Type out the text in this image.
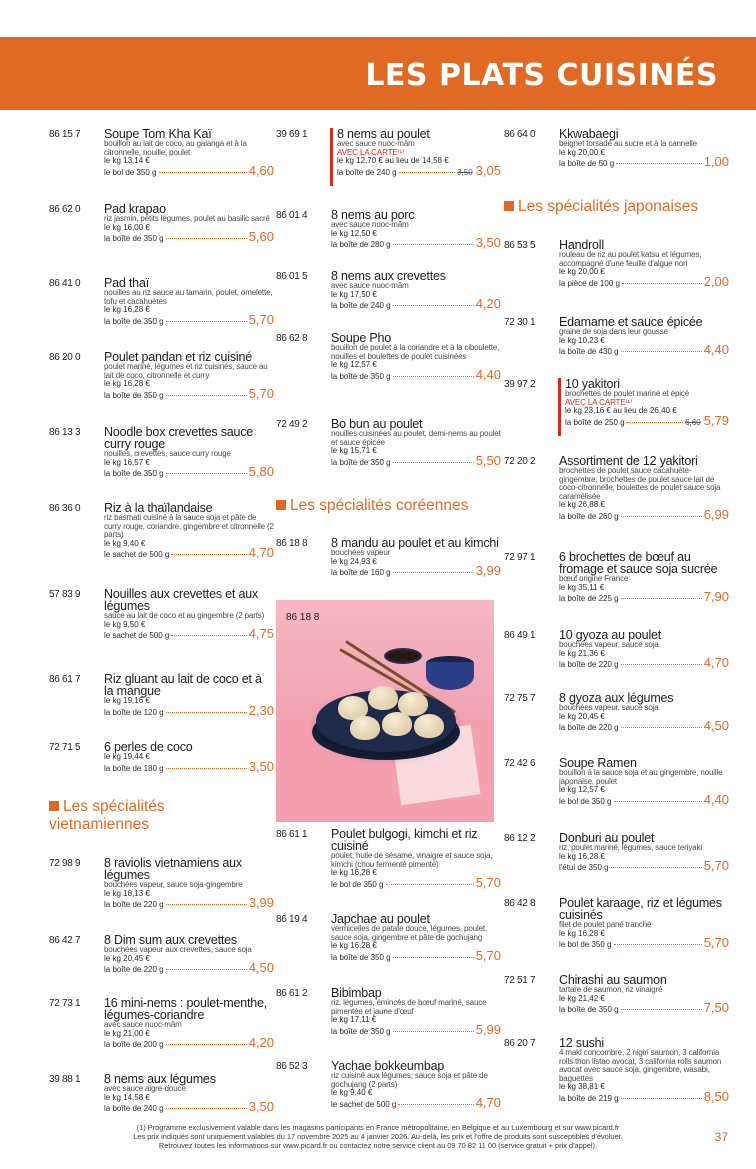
LES PLATS CUISINÉS
Les spécialités vietnamiennes
Les spécialités coréennes
86 18 8
Les spécialités japonaises
86 15 7 Soupe Tom Kha Kaï
bouillon au lait de coco, au galanga et à la citronnelle, nouille, poulet
le kg 13,14 €
le bol de 350 g	4,60
86 62 0 Pad krapao
riz jasmin, petits légumes, poulet au basilic sacré
le kg 16,00 €
la boîte de 350 g	5,60
86 41 0 Pad thaï
nouilles au riz sauce au tamarin, poulet, omelette, tofu et cacahuètes
le kg 16,28 €
la boîte de 350 g	5,70
86 20 0 Poulet pandan et riz cuisiné
poulet mariné, légumes et riz cuisinés, sauce au lait de coco, citronnelle et curry
le kg 16,28 €
la boîte de 350 g	5,70
86 13 3 Noodle box crevettes sauce curry rouge
nouilles, crevettes, sauce curry rouge
le kg 16,57 €
la boîte de 350 g	5,80
86 36 0 Riz à la thaïlandaise
riz basmati cuisiné à la sauce soja et pâte de curry rouge, coriandre, gingembre et citronnelle (2 parts)
le kg 9,40 €
le sachet de 500 g	4,70
57 83 9 Nouilles aux crevettes et aux légumes
sauce au lait de coco et au gingembre (2 parts)
le kg 9,50 €
le sachet de 500 g	4,75
86 61 7 Riz gluant au lait de coco et à la mangue
le kg 19,16 €
la boîte de 120 g	2,30
72 71 5 6 perles de coco
le kg 19,44 €
la boîte de 180 g	3,50
72 98 9 8 raviolis vietnamiens aux légumes
bouchées vapeur, sauce soja-gingembre
le kg 18,13 €
la boîte de 220 g	3,99
86 42 7 8 Dim sum aux crevettes
bouchées vapeur aux crevettes, sauce soja
le kg 20,45 €
la boîte de 220 g	4,50
72 73 1 16 mini-nems : poulet-menthe, légumes-coriandre
avec sauce nuoc-mâm
le kg 21,00 €
la boîte de 200 g	4,20
39 88 1 8 nems aux légumes
avec sauce aigre-douce
le kg 14,58 €
la boîte de 240 g	3,50
39 69 1 8 nems au poulet
avec sauce nuoc-mâm
AVEC LA CARTE⁽¹⁾
le kg 12,70 € au lieu de 14,58 €
la boîte de 240 g	3,50 3,05
86 01 4 8 nems au porc
avec sauce nuoc-mâm
le kg 12,50 €
la boîte de 280 g	3,50
86 01 5 8 nems aux crevettes
avec sauce nuoc-mâm
le kg 17,50 €
la boîte de 240 g	4,20
86 62 8 Soupe Pho
bouillon de poulet à la coriandre et à la ciboulette, nouilles et boulettes de poulet cuisinées
le kg 12,57 €
la boîte de 350 g	4,40
72 49 2 Bo bun au poulet
nouilles cuisinées au poulet, demi-nems au poulet et sauce épicée
le kg 15,71 €
la boîte de 350 g	5,50
86 18 8 8 mandu au poulet et au kimchi
bouchées vapeur
le kg 24,93 €
la boîte de 160 g	3,99
86 61 1 Poulet bulgogi, kimchi et riz cuisiné
poulet, huile de sésame, vinaigre et sauce soja, kimchi (chou fermenté pimenté)
le kg 16,28 €
le bol de 350 g	5,70
86 19 4 Japchae au poulet
vermicelles de patate douce, légumes, poulet, sauce soja, gingembre et pâte de gochujang
le kg 16,28 €
la boîte de 350 g	5,70
86 61 2 Bibimbap
riz, légumes, émincés de bœuf mariné, sauce pimentée et jaune d'œuf
le kg 17,11 €
la boîte de 350 g	5,99
86 52 3 Yachae bokkeumbap
riz cuisiné aux légumes, sauce soja et pâte de gochujang (2 parts)
le kg 9,40 €
le sachet de 500 g	4,70
86 64 0 Kkwabaegi
beignet torsadé au sucre et à la cannelle
le kg 20,00 €
la boîte de 50 g	1,00
86 53 5 Handroll
rouleau de riz au poulet katsu et légumes, accompagné d'une feuille d'algue nori
le kg 20,00 €
la pièce de 100 g	2,00
72 30 1 Edamame et sauce épicée
graine de soja dans leur gousse
le kg 10,23 €
la boîte de 430 g	4,40
39 97 2 10 yakitori
brochettes de poulet mariné et épicé
AVEC LA CARTE⁽¹⁾
le kg 23,16 € au lieu de 26,40 €
la boîte de 250 g	6,60 5,79
72 20 2 Assortiment de 12 yakitori
brochettes de poulet sauce cacahuète-gingembre, brochettes de poulet sauce lait de coco-citronnelle, boulettes de poulet sauce soja caramélisée
le kg 26,88 €
la boîte de 260 g	6,99
72 97 1 6 brochettes de bœuf au fromage et sauce soja sucrée
bœuf origine France
le kg 35,11 €
la boîte de 225 g	7,90
86 49 1 10 gyoza au poulet
bouchées vapeur, sauce soja
le kg 21,36 €
la boîte de 220 g	4,70
72 75 7 8 gyoza aux légumes
bouchées vapeur, sauce soja
le kg 20,45 €
la boîte de 220 g	4,50
72 42 6 Soupe Ramen
bouillon à la sauce soja et au gingembre, nouille japonaise, poulet
le kg 12,57 €
le bol de 350 g	4,40
86 12 2 Donburi au poulet
riz, poulet mariné, légumes, sauce teriyaki
le kg 16,28 €
l'étui de 350 g	5,70
86 42 8 Poulet karaage, riz et légumes cuisinés
filet de poulet pané tranché
le kg 16,28 €
le bol de 350 g	5,70
72 51 7 Chirashi au saumon
tartare de saumon, riz vinaigré
le kg 21,42 €
la boîte de 350 g	7,50
86 20 7 12 sushi
4 maki concombre, 2 nigiri saumon, 3 california rolls thon listao avocat, 3 california rolls saumon avocat avec sauce soja, gingembre, wasabi, baguettes
le kg 38,81 €
la boîte de 219 g	8,50
(1) Programme exclusivement valable dans les magasins participants en France métropolitaine, en Belgique et au Luxembourg et sur www.picard.fr
Les prix indiqués sont uniquement valables du 17 novembre 2025 au 4 janvier 2026. Au-delà, les prix et l'offre de produits sont susceptibles d'évoluer.
Retrouvez toutes les informations sur www.picard.fr ou contactez notre service client au 09 70 82 11 00 (service gratuit + prix d'appel).
37
